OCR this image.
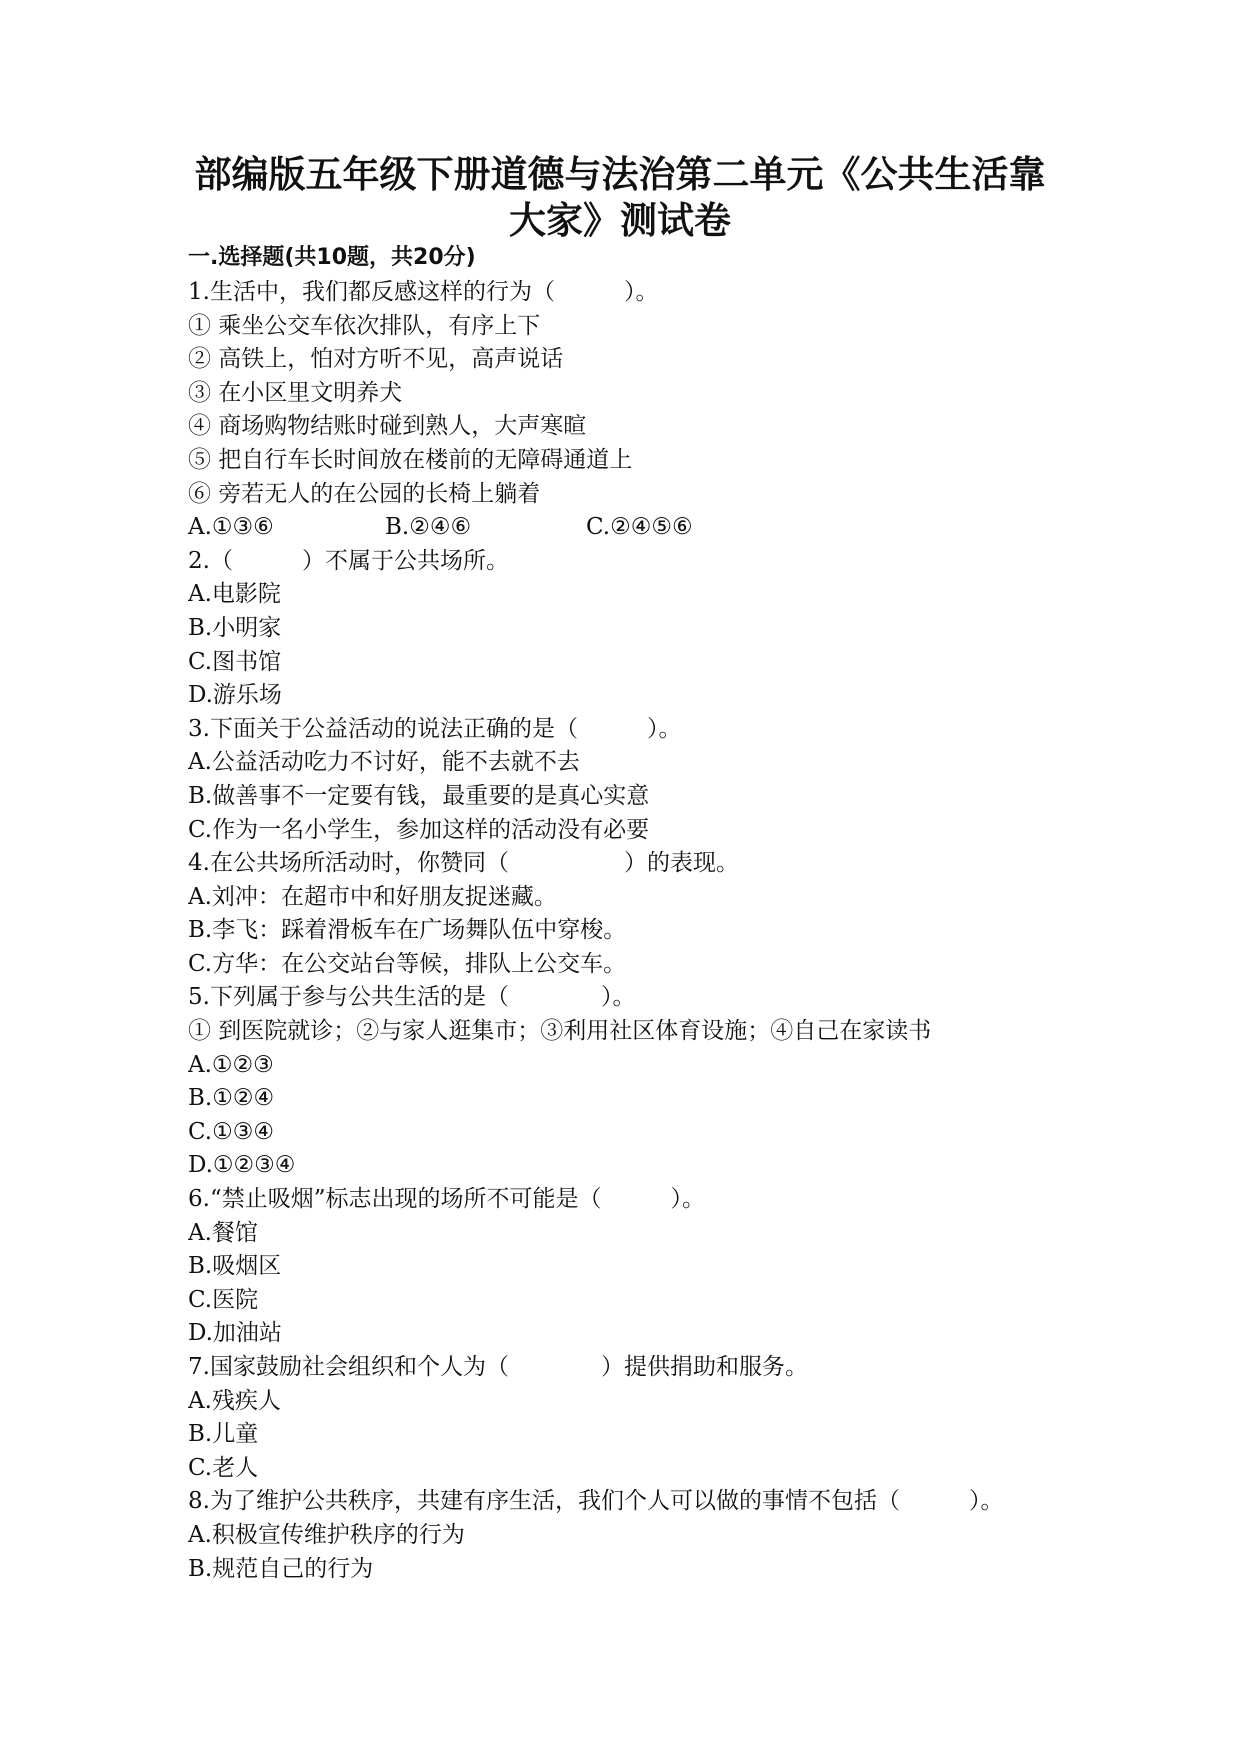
部编版五年级下册道德与法治第二单元《公共生活靠
大家》测试卷
一.选择题(共10题，共20分)
1.生活中，我们都反感这样的行为（　　　）。
① 乘坐公交车依次排队，有序上下
② 高铁上，怕对方听不见，高声说话
③ 在小区里文明养犬
④ 商场购物结账时碰到熟人，大声寒暄
⑤ 把自行车长时间放在楼前的无障碍通道上
⑥ 旁若无人的在公园的长椅上躺着
A.①③⑥	B.②④⑥	C.②④⑤⑥
2.（　　　）不属于公共场所。
A.电影院
B.小明家
C.图书馆
D.游乐场
3.下面关于公益活动的说法正确的是（　　　）。
A.公益活动吃力不讨好，能不去就不去
B.做善事不一定要有钱，最重要的是真心实意
C.作为一名小学生，参加这样的活动没有必要
4.在公共场所活动时，你赞同（　　　　　）的表现。
A.刘冲：在超市中和好朋友捉迷藏。
B.李飞：踩着滑板车在广场舞队伍中穿梭。
C.方华：在公交站台等候，排队上公交车。
5.下列属于参与公共生活的是（　　　　）。
① 到医院就诊；②与家人逛集市；③利用社区体育设施；④自己在家读书
A.①②③
B.①②④
C.①③④
D.①②③④
6.“禁止吸烟”标志出现的场所不可能是（　　　）。
A.餐馆
B.吸烟区
C.医院
D.加油站
7.国家鼓励社会组织和个人为（　　　　）提供捐助和服务。
A.残疾人
B.儿童
C.老人
8.为了维护公共秩序，共建有序生活，我们个人可以做的事情不包括（　　　）。
A.积极宣传维护秩序的行为
B.规范自己的行为
